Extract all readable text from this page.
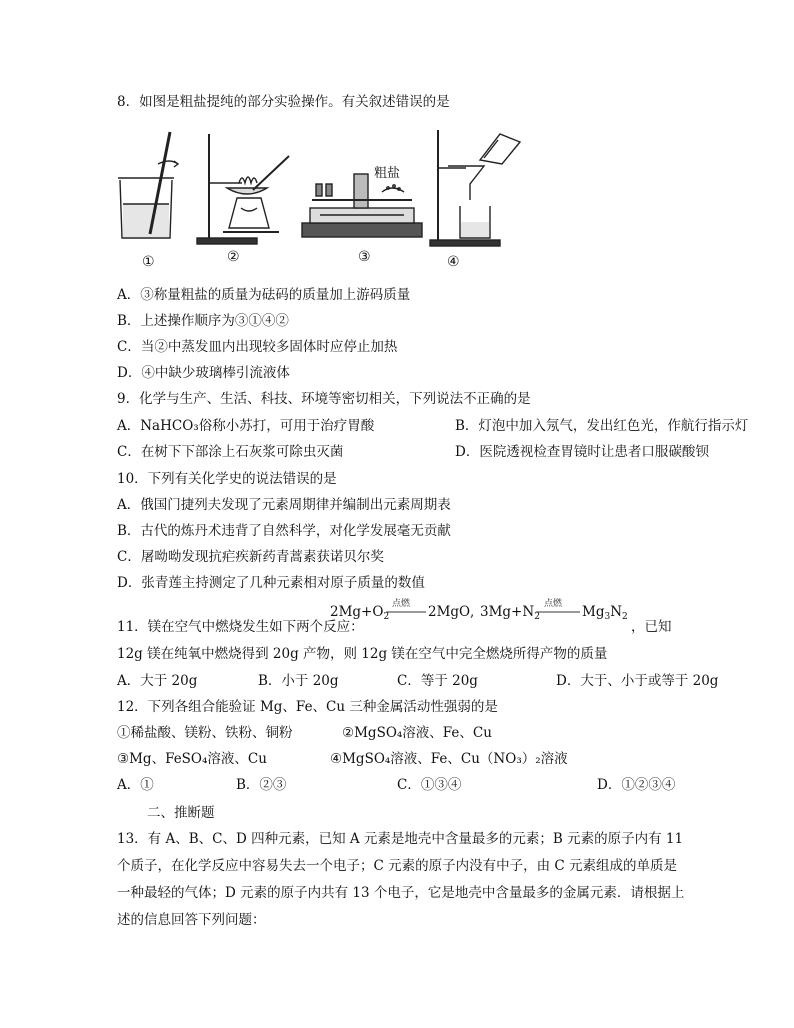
8．如图是粗盐提纯的部分实验操作。有关叙述错误的是
①	②	③	④
粗盐
A．③称量粗盐的质量为砝码的质量加上游码质量
B．上述操作顺序为③①④②
C．当②中蒸发皿内出现较多固体时应停止加热
D．④中缺少玻璃棒引流液体
9．化学与生产、生活、科技、环境等密切相关，下列说法不正确的是
A．NaHCO₃俗称小苏打，可用于治疗胃酸	B．灯泡中加入氖气，发出红色光，作航行指示灯
C．在树下下部涂上石灰浆可除虫灭菌	D．医院透视检查胃镜时让患者口服碳酸钡
10．下列有关化学史的说法错误的是
A．俄国门捷列夫发现了元素周期律并编制出元素周期表
B．古代的炼丹术违背了自然科学，对化学发展毫无贡献
C．屠呦呦发现抗疟疾新药青蒿素获诺贝尔奖
D．张青莲主持测定了几种元素相对原子质量的数值
11．镁在空气中燃烧发生如下两个反应：
$2Mg+O_2$
点燃 2MgO , $3Mg+N_2$
点燃 $Mg_3N_2$
，已知
12g 镁在纯氧中燃烧得到 20g 产物，则 12g 镁在空气中完全燃烧所得产物的质量
A．大于 20g	B．小于 20g	C．等于 20g	D．大于、小于或等于 20g
12．下列各组合能验证 Mg、Fe、Cu 三种金属活动性强弱的是
①稀盐酸、镁粉、铁粉、铜粉	②MgSO₄溶液、Fe、Cu
③Mg、FeSO₄溶液、Cu	④MgSO₄溶液、Fe、Cu（NO₃）₂溶液
A．①	B．②③	C．①③④	D．①②③④
二、推断题
13．有 A、B、C、D 四种元素，已知 A 元素是地壳中含量最多的元素；B 元素的原子内有 11
个质子，在化学反应中容易失去一个电子；C 元素的原子内没有中子，由 C 元素组成的单质是
一种最轻的气体；D 元素的原子内共有 13 个电子，它是地壳中含量最多的金属元素．请根据上
述的信息回答下列问题：
